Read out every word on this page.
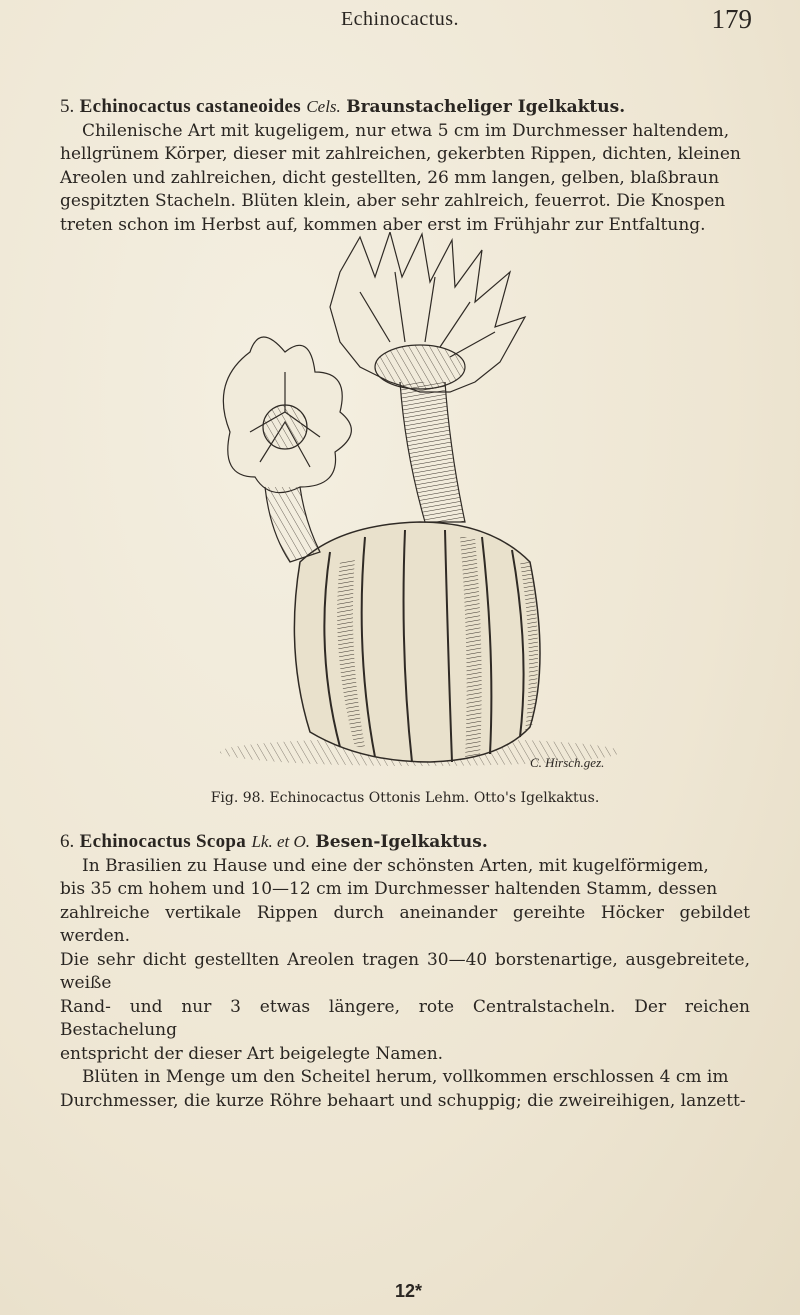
Echinocactus.	179
5. Echinocactus castaneoides Cels. Braunstacheliger Igelkaktus.
Chilenische Art mit kugeligem, nur etwa 5 cm im Durchmesser haltendem,
hellgrünem Körper, dieser mit zahlreichen, gekerbten Rippen, dichten, kleinen
Areolen und zahlreichen, dicht gestellten, 26 mm langen, gelben, blaßbraun
gespitzten Stacheln. Blüten klein, aber sehr zahlreich, feuerrot. Die Knospen
treten schon im Herbst auf, kommen aber erst im Frühjahr zur Entfaltung.
C. Hirsch.gez.
Fig. 98. Echinocactus Ottonis Lehm. Otto's Igelkaktus.
6. Echinocactus Scopa Lk. et O. Besen-Igelkaktus.
In Brasilien zu Hause und eine der schönsten Arten, mit kugelförmigem,
bis 35 cm hohem und 10—12 cm im Durchmesser haltenden Stamm, dessen
zahlreiche vertikale Rippen durch aneinander gereihte Höcker gebildet werden.
Die sehr dicht gestellten Areolen tragen 30—40 borstenartige, ausgebreitete, weiße
Rand- und nur 3 etwas längere, rote Centralstacheln. Der reichen Bestachelung
entspricht der dieser Art beigelegte Namen.
Blüten in Menge um den Scheitel herum, vollkommen erschlossen 4 cm im
Durchmesser, die kurze Röhre behaart und schuppig; die zweireihigen, lanzett-
12*
